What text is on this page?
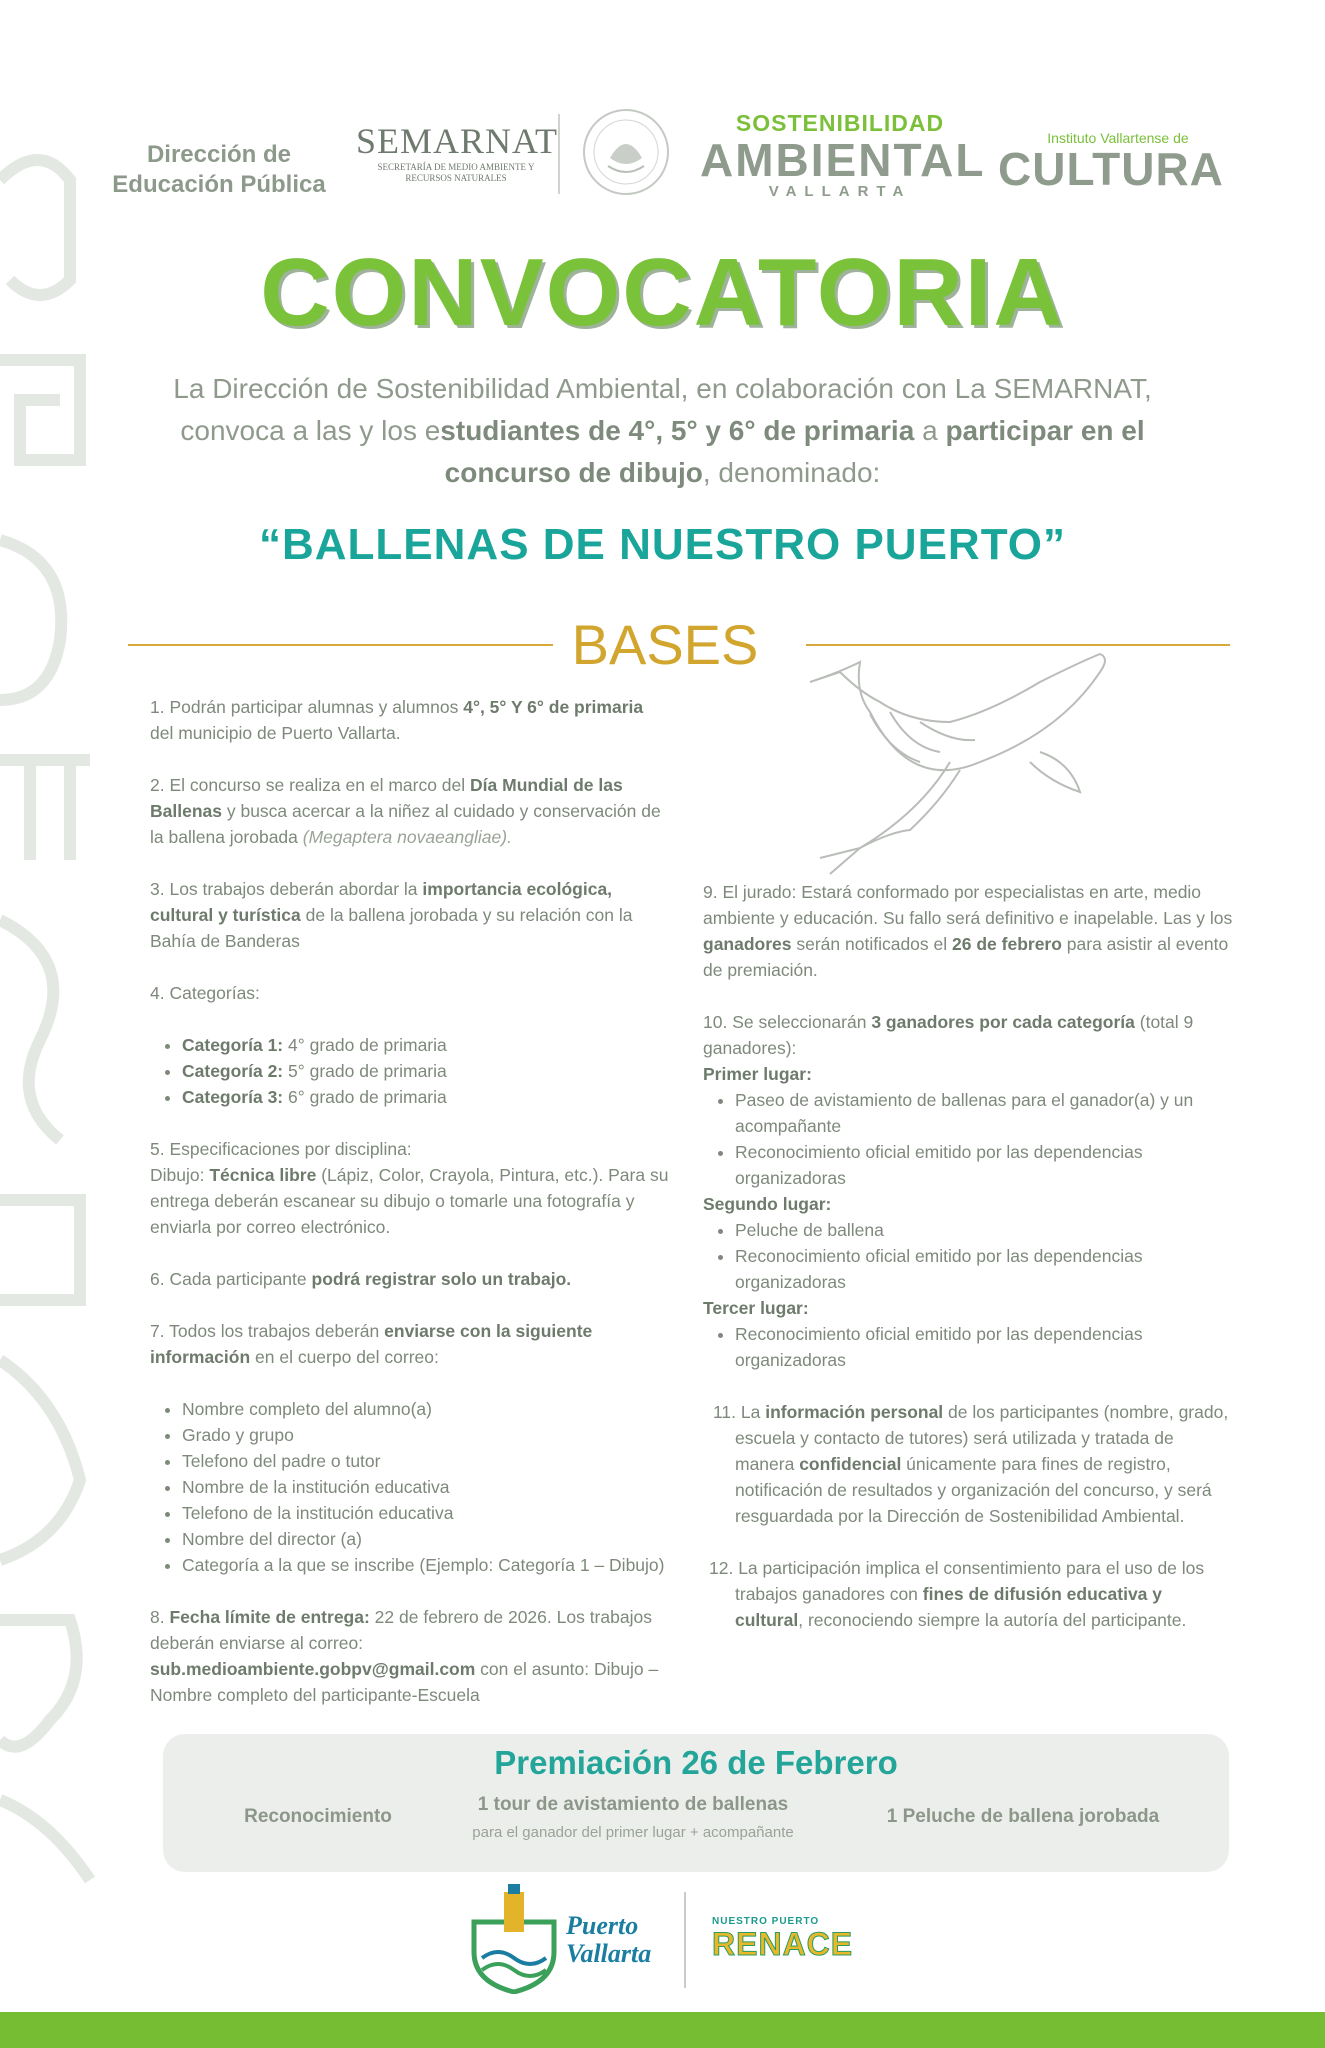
Dirección de Educación Pública
SEMARNAT
SECRETARÍA DE MEDIO AMBIENTE Y RECURSOS NATURALES
SOSTENIBILIDAD
AMBIENTAL
VALLARTA
Instituto Vallartense de
CULTURA
CONVOCATORIA
La Dirección de Sostenibilidad Ambiental, en colaboración con La SEMARNAT, convoca a las y los estudiantes de 4°, 5° y 6° de primaria a participar en el concurso de dibujo, denominado:
“BALLENAS DE NUESTRO PUERTO”
BASES

1. Podrán participar alumnas y alumnos 4°, 5° Y 6° de primaria del municipio de Puerto Vallarta.

2. El concurso se realiza en el marco del Día Mundial de las Ballenas y busca acercar a la niñez al cuidado y conservación de la ballena jorobada (Megaptera novaeangliae).

3. Los trabajos deberán abordar la importancia ecológica, cultural y turística de la ballena jorobada y su relación con la Bahía de Banderas

4. Categorías:

• Categoría 1: 4° grado de primaria
• Categoría 2: 5° grado de primaria
• Categoría 3: 6° grado de primaria

5. Especificaciones por disciplina:
Dibujo: Técnica libre (Lápiz, Color, Crayola, Pintura, etc.). Para su entrega deberán escanear su dibujo o tomarle una fotografía y enviarla por correo electrónico.

6. Cada participante podrá registrar solo un trabajo.

7. Todos los trabajos deberán enviarse con la siguiente información en el cuerpo del correo:

• Nombre completo del alumno(a)
• Grado y grupo
• Telefono del padre o tutor
• Nombre de la institución educativa
• Telefono de la institución educativa
• Nombre del director (a)
• Categoría a la que se inscribe (Ejemplo: Categoría 1 – Dibujo)

8. Fecha límite de entrega: 22 de febrero de 2026. Los trabajos deberán enviarse al correo: sub.medioambiente.gobpv@gmail.com con el asunto: Dibujo – Nombre completo del participante-Escuela

9. El jurado: Estará conformado por especialistas en arte, medio ambiente y educación. Su fallo será definitivo e inapelable. Las y los ganadores serán notificados el 26 de febrero para asistir al evento de premiación.

10. Se seleccionarán 3 ganadores por cada categoría (total 9 ganadores):
Primer lugar:
• Paseo de avistamiento de ballenas para el ganador(a) y un acompañante
• Reconocimiento oficial emitido por las dependencias organizadoras
Segundo lugar:
• Peluche de ballena
• Reconocimiento oficial emitido por las dependencias organizadoras
Tercer lugar:
• Reconocimiento oficial emitido por las dependencias organizadoras

11. La información personal de los participantes (nombre, grado, escuela y contacto de tutores) será utilizada y tratada de manera confidencial únicamente para fines de registro, notificación de resultados y organización del concurso, y será resguardada por la Dirección de Sostenibilidad Ambiental.

12. La participación implica el consentimiento para el uso de los trabajos ganadores con fines de difusión educativa y cultural, reconociendo siempre la autoría del participante.

Premiación 26 de Febrero
Reconocimiento
1 tour de avistamiento de ballenas
para el ganador del primer lugar + acompañante
1 Peluche de ballena jorobada
Puerto
Vallarta
NUESTRO PUERTO
RENACE
